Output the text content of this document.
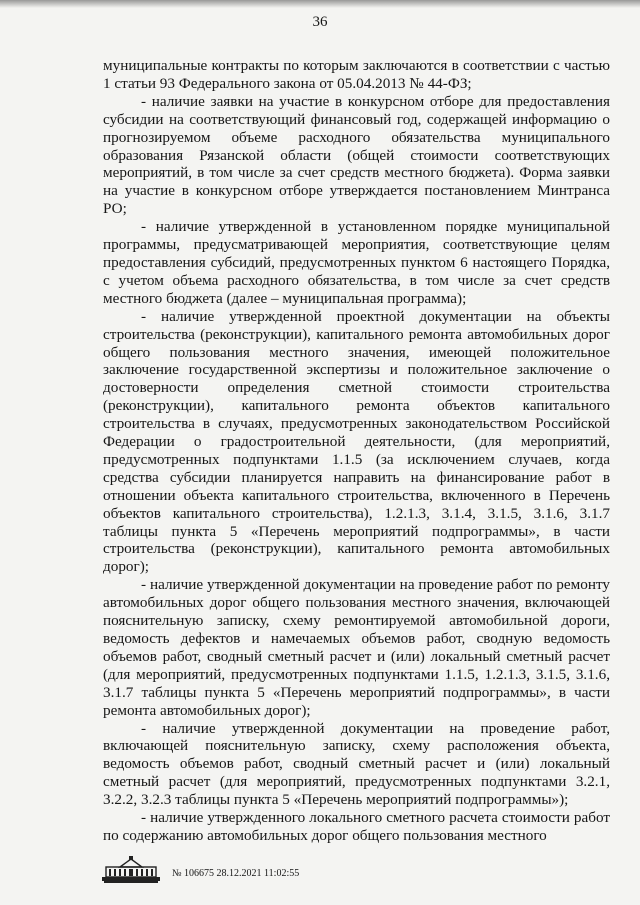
36

муниципальные контракты по которым заключаются в соответствии с частью 1 статьи 93 Федерального закона от 05.04.2013 № 44-ФЗ;

- наличие заявки на участие в конкурсном отборе для предоставления субсидии на соответствующий финансовый год, содержащей информацию о прогнозируемом объеме расходного обязательства муниципального образования Рязанской области (общей стоимости соответствующих мероприятий, в том числе за счет средств местного бюджета). Форма заявки на участие в конкурсном отборе утверждается постановлением Минтранса РО;

- наличие утвержденной в установленном порядке муниципальной программы, предусматривающей мероприятия, соответствующие целям предоставления субсидий, предусмотренных пунктом 6 настоящего Порядка, с учетом объема расходного обязательства, в том числе за счет средств местного бюджета (далее – муниципальная программа);

- наличие утвержденной проектной документации на объекты строительства (реконструкции), капитального ремонта автомобильных дорог общего пользования местного значения, имеющей положительное заключение государственной экспертизы и положительное заключение о достоверности определения сметной стоимости строительства (реконструкции), капитального ремонта объектов капитального строительства в случаях, предусмотренных законодательством Российской Федерации о градостроительной деятельности, (для мероприятий, предусмотренных подпунктами 1.1.5 (за исключением случаев, когда средства субсидии планируется направить на финансирование работ в отношении объекта капитального строительства, включенного в Перечень объектов капитального строительства), 1.2.1.3, 3.1.4, 3.1.5, 3.1.6, 3.1.7 таблицы пункта 5 «Перечень мероприятий подпрограммы», в части строительства (реконструкции), капитального ремонта автомобильных дорог);

- наличие утвержденной документации на проведение работ по ремонту автомобильных дорог общего пользования местного значения, включающей пояснительную записку, схему ремонтируемой автомобильной дороги, ведомость дефектов и намечаемых объемов работ, сводную ведомость объемов работ, сводный сметный расчет и (или) локальный сметный расчет (для мероприятий, предусмотренных подпунктами 1.1.5, 1.2.1.3, 3.1.5, 3.1.6, 3.1.7 таблицы пункта 5 «Перечень мероприятий подпрограммы», в части ремонта автомобильных дорог);

- наличие утвержденной документации на проведение работ, включающей пояснительную записку, схему расположения объекта, ведомость объемов работ, сводный сметный расчет и (или) локальный сметный расчет (для мероприятий, предусмотренных подпунктами 3.2.1, 3.2.2, 3.2.3 таблицы пункта 5 «Перечень мероприятий подпрограммы»);

- наличие утвержденного локального сметного расчета стоимости работ по содержанию автомобильных дорог общего пользования местного

№ 106675 28.12.2021 11:02:55
